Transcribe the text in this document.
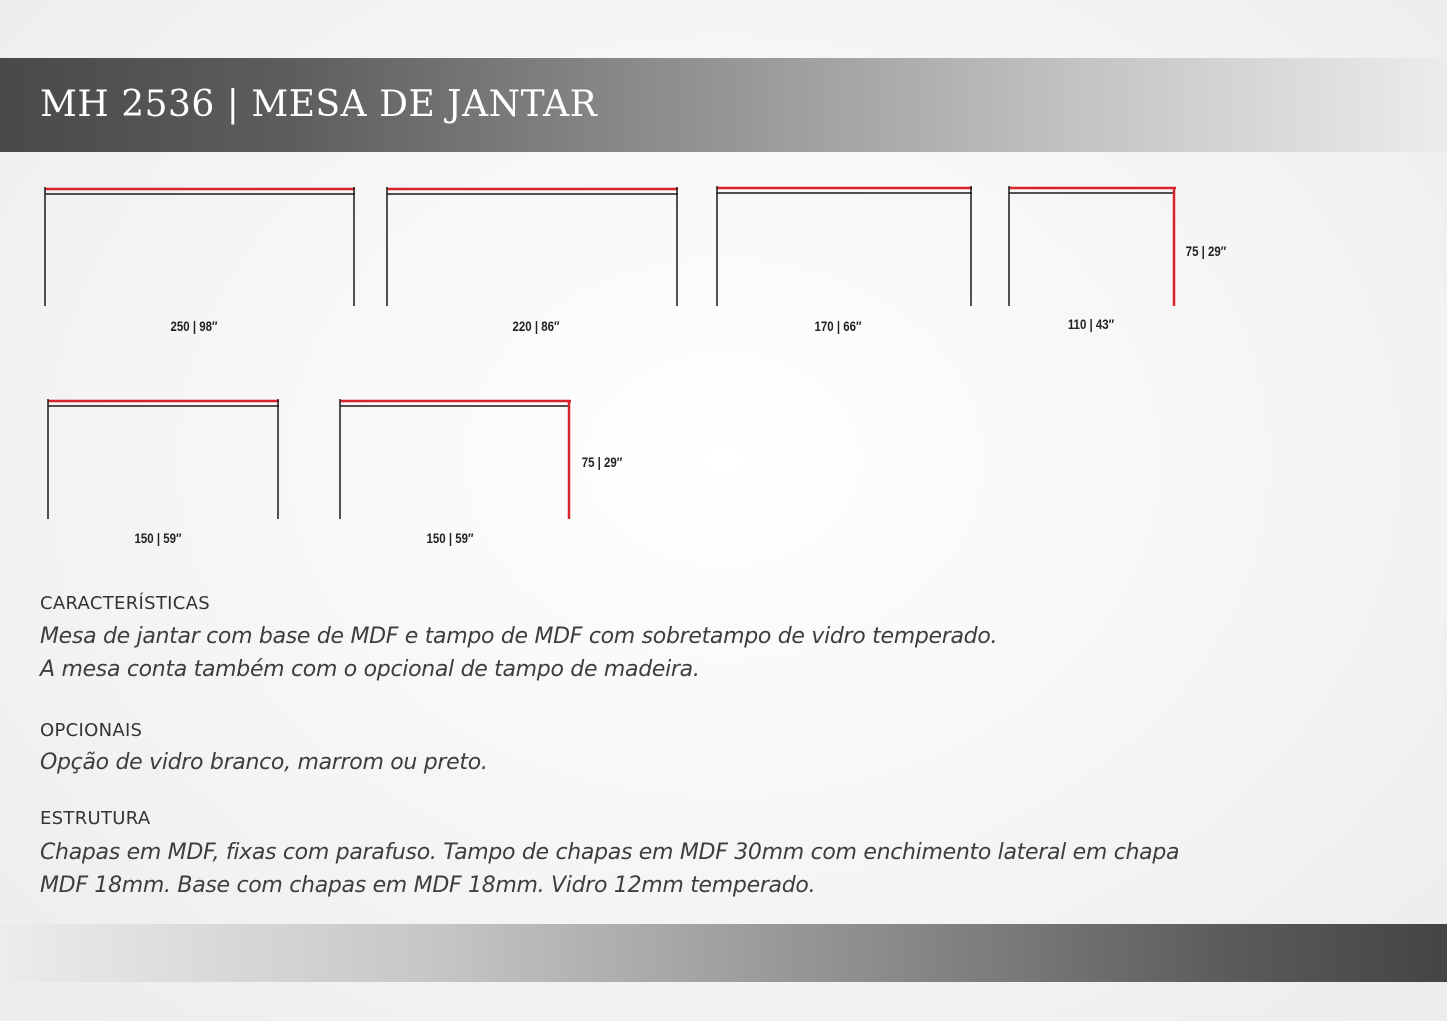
MH 2536 | MESA DE JANTAR
250 | 98″	220 | 86″	170 | 66″	110 | 43″
75 | 29″
150 | 59″	150 | 59″
75 | 29″
CARACTERÍSTICAS

Mesa de jantar com base de MDF e tampo de MDF com sobretampo de vidro temperado.
A mesa conta também com o opcional de tampo de madeira.

OPCIONAIS

Opção de vidro branco, marrom ou preto.

ESTRUTURA

Chapas em MDF, fixas com parafuso. Tampo de chapas em MDF 30mm com enchimento lateral em chapa
MDF 18mm. Base com chapas em MDF 18mm. Vidro 12mm temperado.
